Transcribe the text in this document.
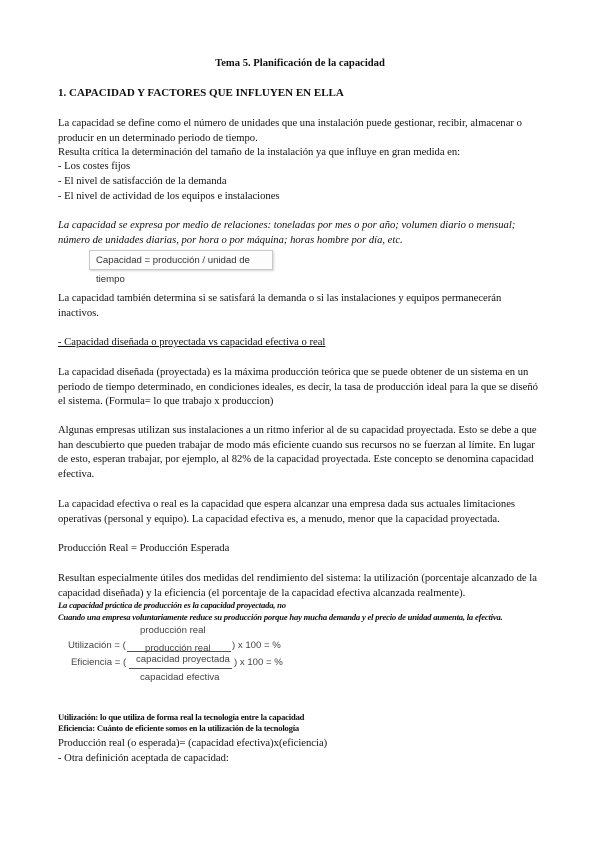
Tema 5. Planificación de la capacidad
1. CAPACIDAD Y FACTORES QUE INFLUYEN EN ELLA
La capacidad se define como el número de unidades que una instalación puede gestionar, recibir, almacenar o producir en un determinado periodo de tiempo.
Resulta crítica la determinación del tamaño de la instalación ya que influye en gran medida en:
- Los costes fijos
- El nivel de satisfacción de la demanda
- El nivel de actividad de los equipos e instalaciones
La capacidad se expresa por medio de relaciones: toneladas por mes o por año; volumen diario o mensual; número de unidades diarias, por hora o por máquina; horas hombre por día, etc.
Capacidad = producción / unidad de tiempo
La capacidad también determina si se satisfará la demanda o si las instalaciones y equipos permanecerán inactivos.
- Capacidad diseñada o proyectada vs capacidad efectiva o real
La capacidad diseñada (proyectada) es la máxima producción teórica que se puede obtener de un sistema en un periodo de tiempo determinado, en condiciones ideales, es decir, la tasa de producción ideal para la que se diseñó el sistema. (Formula= lo que trabajo x produccion)
Algunas empresas utilizan sus instalaciones a un ritmo inferior al de su capacidad proyectada. Esto se debe a que han descubierto que pueden trabajar de modo más eficiente cuando sus recursos no se fuerzan al límite. En lugar de esto, esperan trabajar, por ejemplo, al 82% de la capacidad proyectada. Este concepto se denomina capacidad efectiva.
La capacidad efectiva o real es la capacidad que espera alcanzar una empresa dada sus actuales limitaciones operativas (personal y equipo). La capacidad efectiva es, a menudo, menor que la capacidad proyectada.
Producción Real = Producción Esperada
Resultan especialmente útiles dos medidas del rendimiento del sistema: la utilización (porcentaje alcanzado de la capacidad diseñada) y la eficiencia (el porcentaje de la capacidad efectiva alcanzada realmente).
La capacidad práctica de producción es la capacidad proyectada, no
Cuando una empresa voluntariamente reduce su producción porque hay mucha demanda y el precio de unidad aumenta, la efectiva.
producción real
Utilización = (	) x 100 = %
capacidad proyectada
producción real
Eficiencia = (	) x 100 = %
capacidad efectiva
Utilización: lo que utiliza de forma real la tecnología entre la capacidad
Eficiencia: Cuánto de eficiente somos en la utilización de la tecnología
Producción real (o esperada)= (capacidad efectiva)x(eficiencia)
- Otra definición aceptada de capacidad:
